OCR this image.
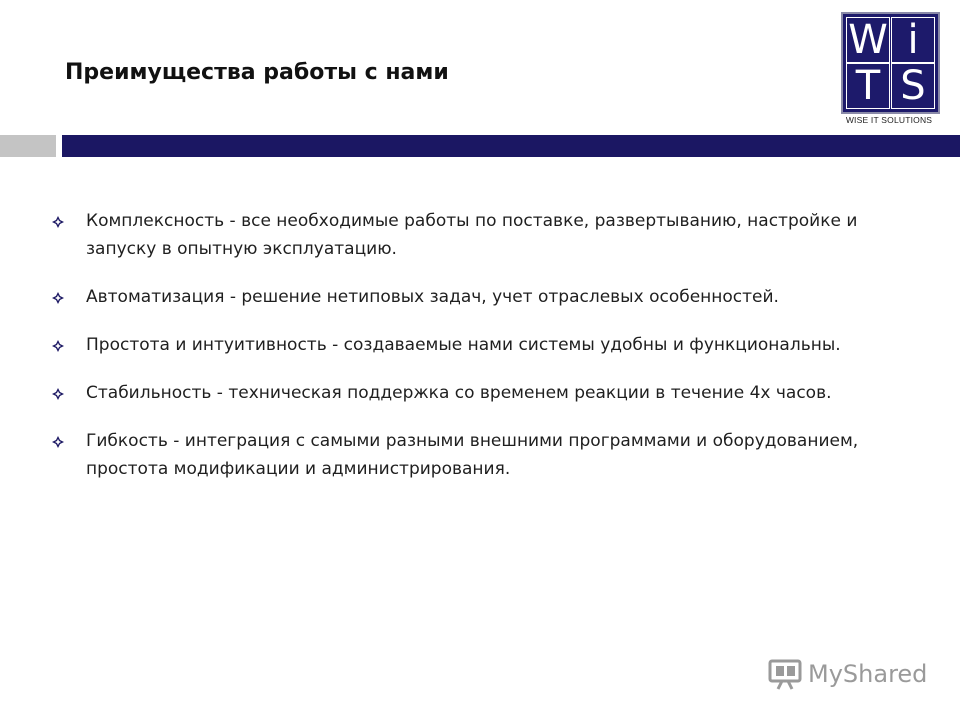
Преимущества работы с нами
W i
T S
WISE IT SOLUTIONS
Комплексность - все необходимые работы по поставке, развертыванию, настройке и запуску в опытную эксплуатацию.
Автоматизация - решение нетиповых задач, учет отраслевых особенностей.
Простота и интуитивность - создаваемые нами системы удобны и функциональны.
Стабильность - техническая поддержка со временем реакции в течение 4х часов.
Гибкость - интеграция с самыми разными внешними программами и оборудованием, простота модификации и администрирования.
MyShared
